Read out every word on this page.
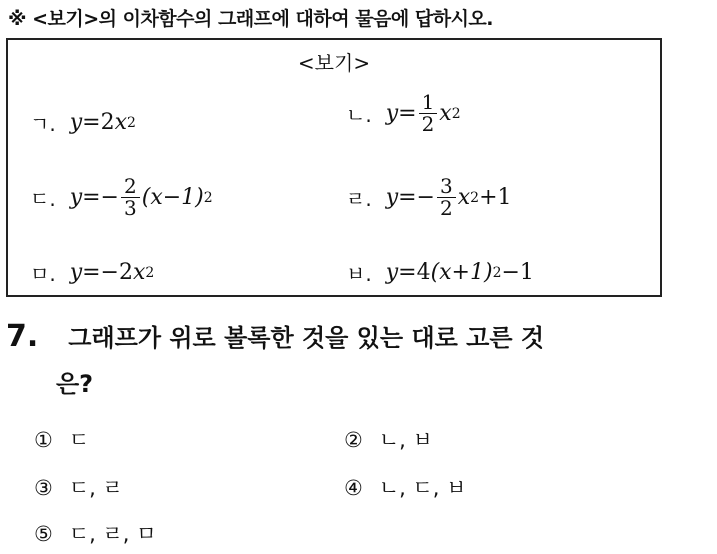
※ <보기>의 이차함수의 그래프에 대하여 물음에 답하시오.
<보기>
ㄱ. y = 2 x 2	ㄴ. $y = \frac{1}{2}$ x 2
ㄷ. $y =- \frac{2}{3} (x-1)$ 2	ㄹ. $y =- \frac{3}{2}$ x 2 +1
ㅁ. y =− 2 x 2	ㅂ. y = 4 (x+1) 2 −1
7. 그래프가 위로 볼록한 것을 있는 대로 고른 것
은?
① ㄷ	② ㄴ, ㅂ
③ ㄷ, ㄹ	④ ㄴ, ㄷ, ㅂ
⑤ ㄷ, ㄹ, ㅁ
